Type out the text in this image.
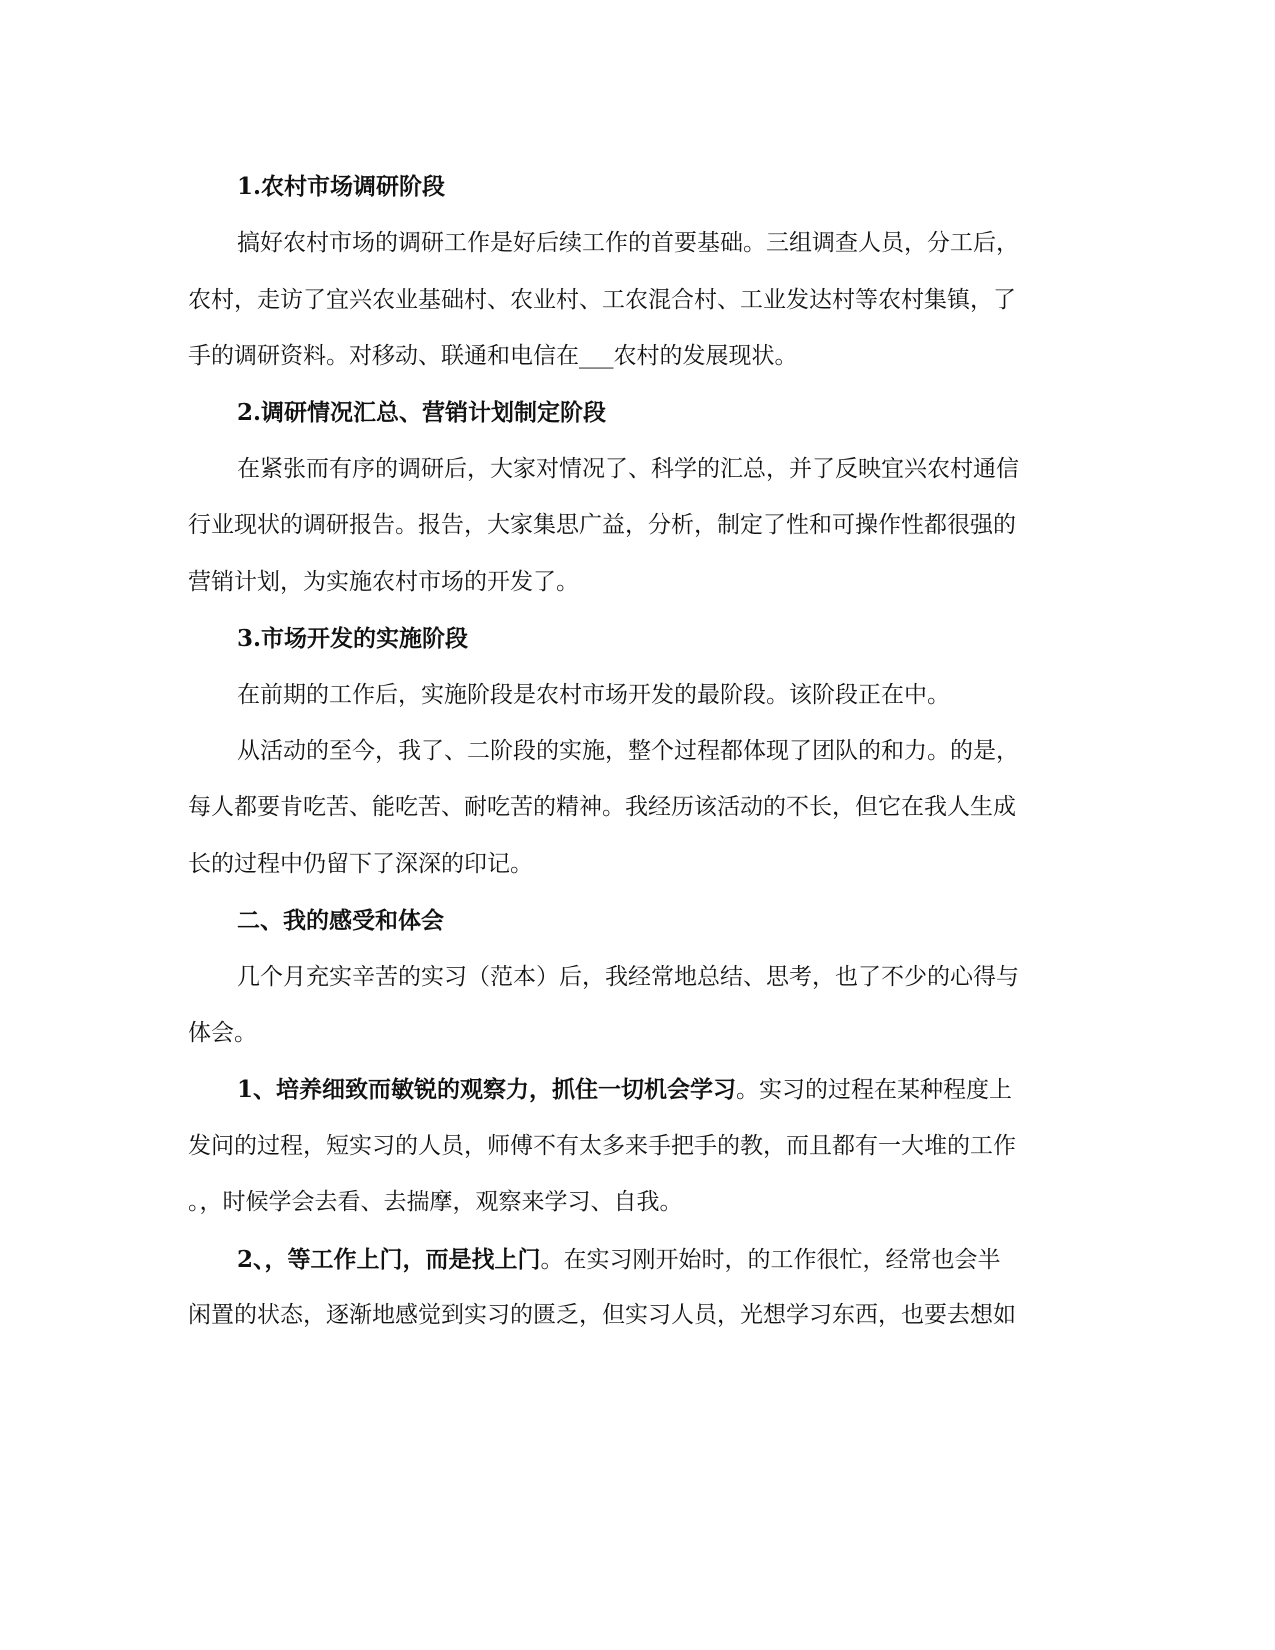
1.农村市场调研阶段
搞好农村市场的调研工作是好后续工作的首要基础。三组调查人员，分工后，
农村，走访了宜兴农业基础村、农业村、工农混合村、工业发达村等农村集镇，了
手的调研资料。对移动、联通和电信在___农村的发展现状。
2.调研情况汇总、营销计划制定阶段
在紧张而有序的调研后，大家对情况了、科学的汇总，并了反映宜兴农村通信
行业现状的调研报告。报告，大家集思广益，分析，制定了性和可操作性都很强的
营销计划，为实施农村市场的开发了。
3.市场开发的实施阶段
在前期的工作后，实施阶段是农村市场开发的最阶段。该阶段正在中。
从活动的至今，我了、二阶段的实施，整个过程都体现了团队的和力。的是，
每人都要肯吃苦、能吃苦、耐吃苦的精神。我经历该活动的不长，但它在我人生成
长的过程中仍留下了深深的印记。
二、我的感受和体会
几个月充实辛苦的实习（范本）后，我经常地总结、思考，也了不少的心得与
体会。
1、培养细致而敏锐的观察力，抓住一切机会学习。实习的过程在某种程度上
发问的过程，短实习的人员，师傅不有太多来手把手的教，而且都有一大堆的工作
。，时候学会去看、去揣摩，观察来学习、自我。
2、，等工作上门，而是找上门。在实习刚开始时，的工作很忙，经常也会半
闲置的状态，逐渐地感觉到实习的匮乏，但实习人员，光想学习东西，也要去想如
